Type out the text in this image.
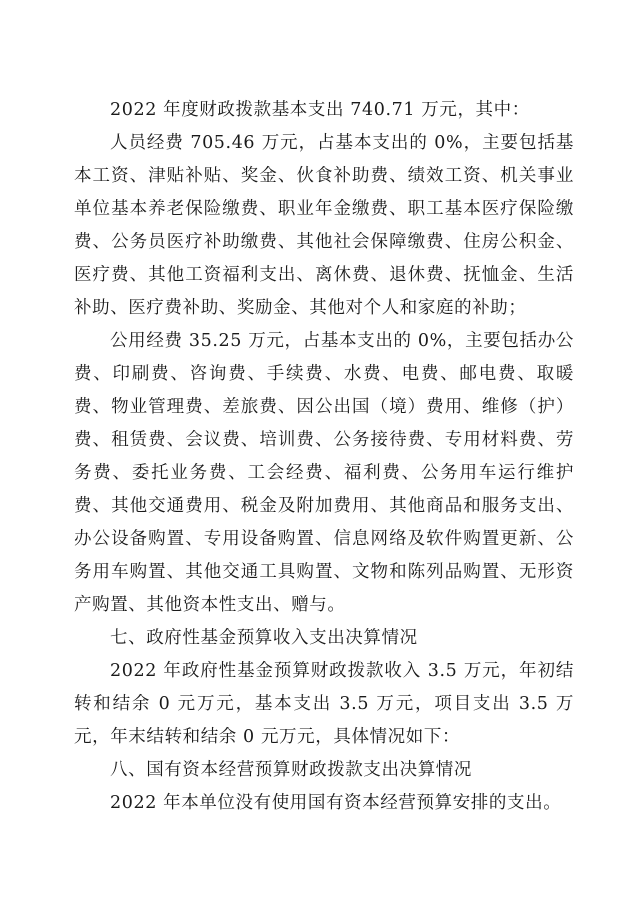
2022 年度财政拨款基本支出 740.71 万元，其中：

人员经费 705.46 万元，占基本支出的 0%，主要包括基本工资、津贴补贴、奖金、伙食补助费、绩效工资、机关事业单位基本养老保险缴费、职业年金缴费、职工基本医疗保险缴费、公务员医疗补助缴费、其他社会保障缴费、住房公积金、医疗费、其他工资福利支出、离休费、退休费、抚恤金、生活补助、医疗费补助、奖励金、其他对个人和家庭的补助；

公用经费 35.25 万元，占基本支出的 0%，主要包括办公费、印刷费、咨询费、手续费、水费、电费、邮电费、取暖费、物业管理费、差旅费、因公出国（境）费用、维修（护）费、租赁费、会议费、培训费、公务接待费、专用材料费、劳务费、委托业务费、工会经费、福利费、公务用车运行维护费、其他交通费用、税金及附加费用、其他商品和服务支出、办公设备购置、专用设备购置、信息网络及软件购置更新、公务用车购置、其他交通工具购置、文物和陈列品购置、无形资产购置、其他资本性支出、赠与。

七、政府性基金预算收入支出决算情况

2022 年政府性基金预算财政拨款收入 3.5 万元，年初结转和结余 0 元万元，基本支出 3.5 万元，项目支出 3.5 万元，年末结转和结余 0 元万元，具体情况如下：

八、国有资本经营预算财政拨款支出决算情况

2022 年本单位没有使用国有资本经营预算安排的支出。
